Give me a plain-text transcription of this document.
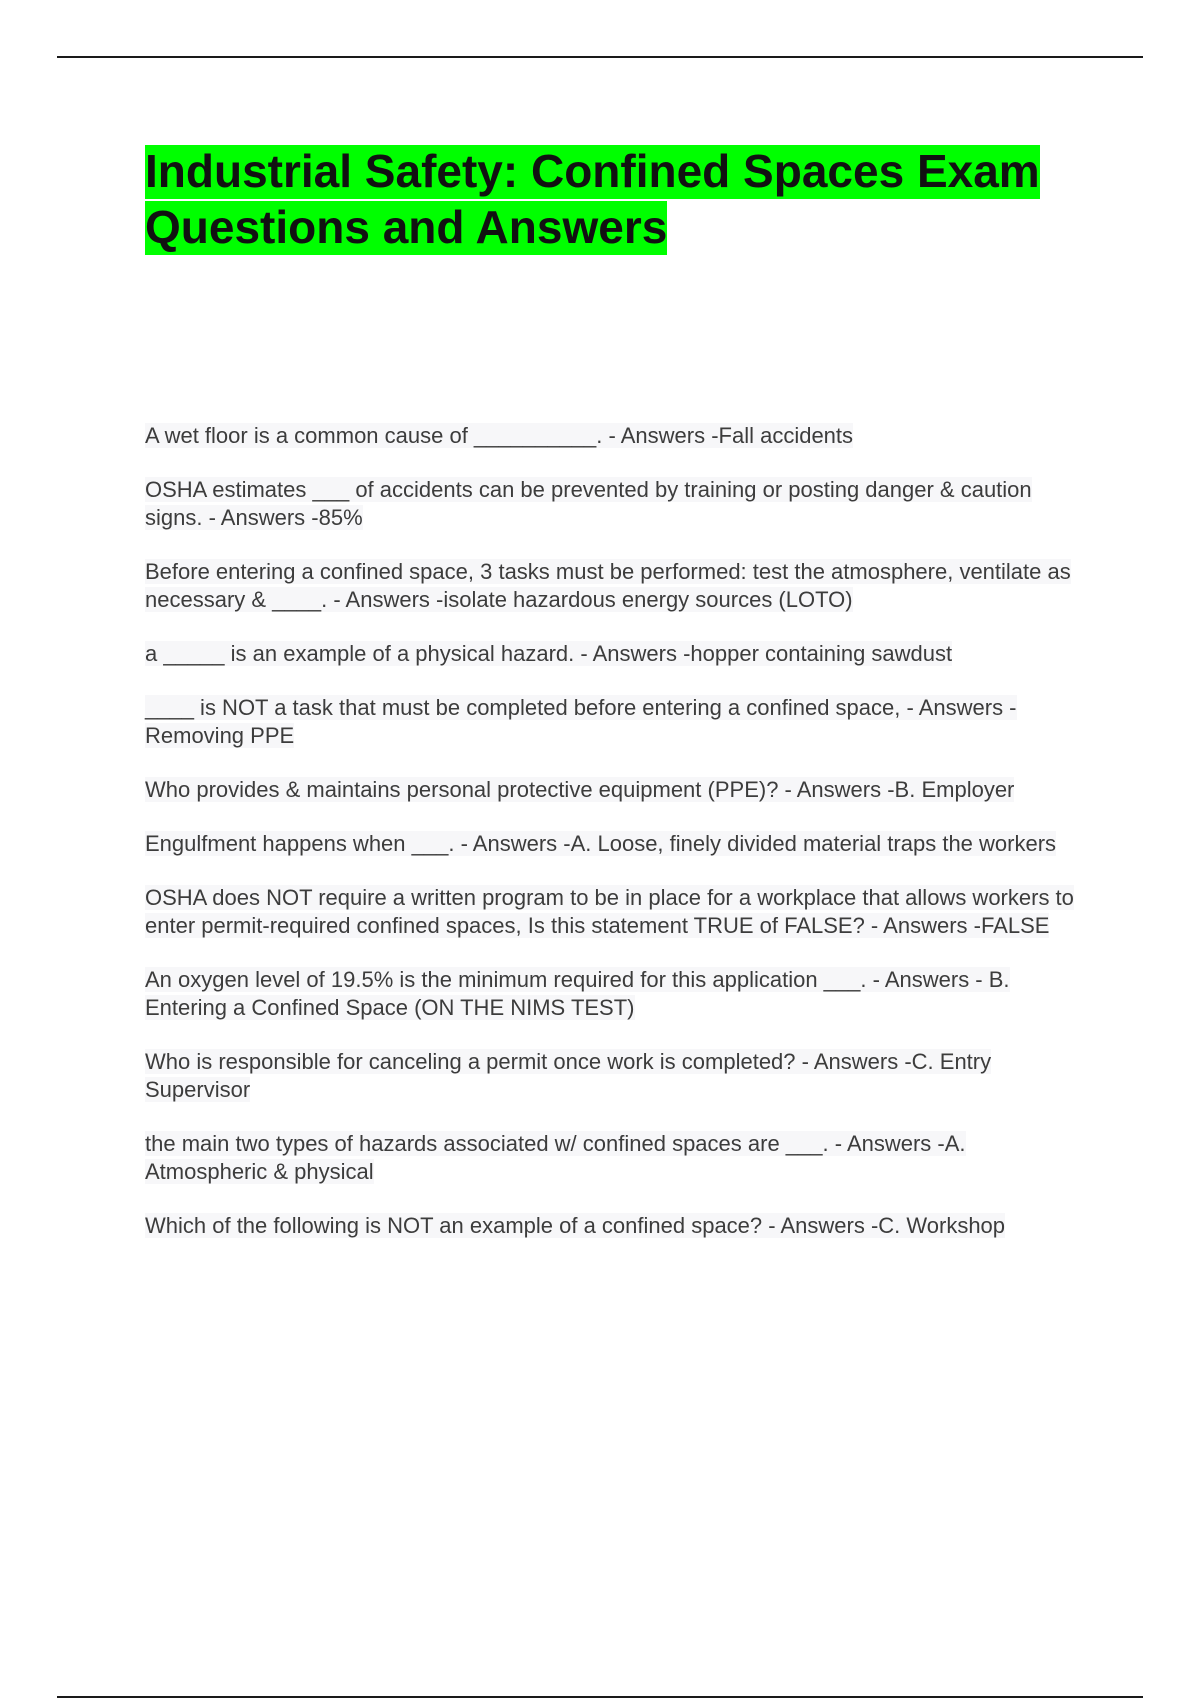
Industrial Safety: Confined Spaces Exam Questions and Answers
A wet floor is a common cause of __________. - Answers -Fall accidents
OSHA estimates ___ of accidents can be prevented by training or posting danger & caution signs. - Answers -85%
Before entering a confined space, 3 tasks must be performed: test the atmosphere, ventilate as necessary & ____. - Answers -isolate hazardous energy sources (LOTO)
a _____ is an example of a physical hazard. - Answers -hopper containing sawdust
____ is NOT a task that must be completed before entering a confined space, - Answers -Removing PPE
Who provides & maintains personal protective equipment (PPE)? - Answers -B. Employer
Engulfment happens when ___. - Answers -A. Loose, finely divided material traps the workers
OSHA does NOT require a written program to be in place for a workplace that allows workers to enter permit-required confined spaces, Is this statement TRUE of FALSE? - Answers -FALSE
An oxygen level of 19.5% is the minimum required for this application ___. - Answers - B. Entering a Confined Space (ON THE NIMS TEST)
Who is responsible for canceling a permit once work is completed? - Answers -C. Entry Supervisor
the main two types of hazards associated w/ confined spaces are ___. - Answers -A. Atmospheric & physical
Which of the following is NOT an example of a confined space? - Answers -C. Workshop
